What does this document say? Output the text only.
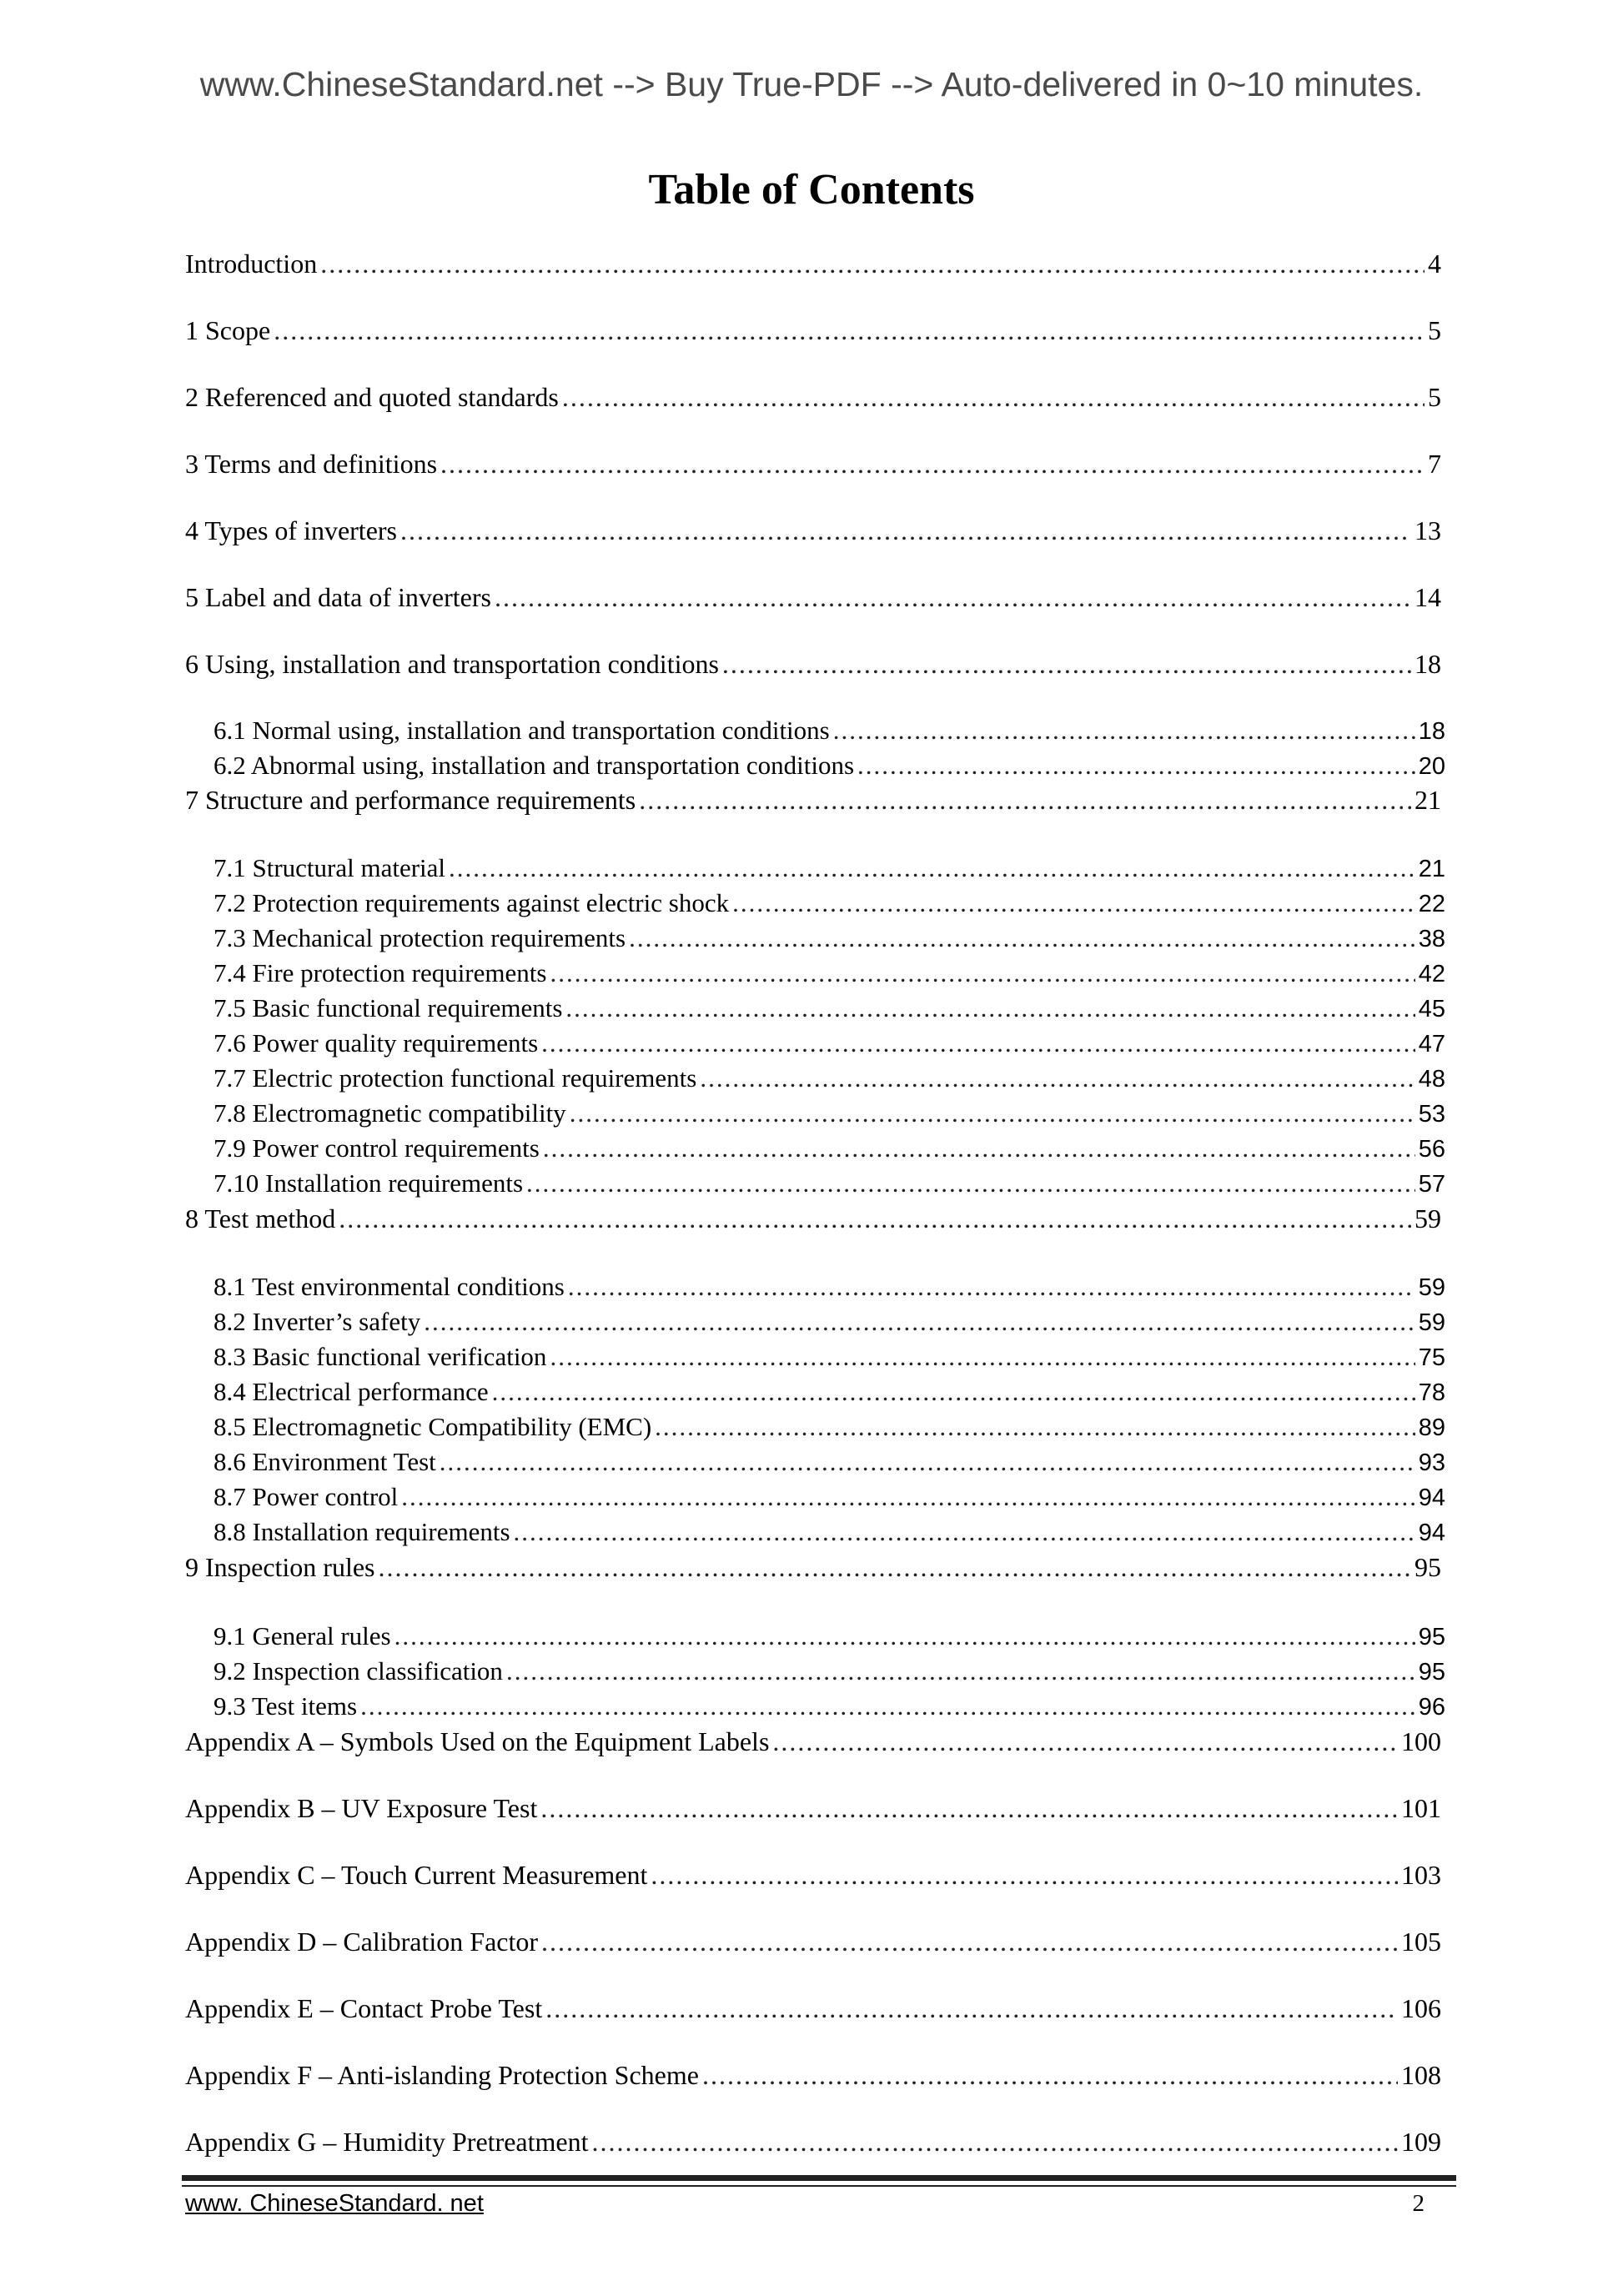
www.ChineseStandard.net --> Buy True-PDF --> Auto-delivered in 0~10 minutes.
Table of Contents
Introduction .....	4
1 Scope .....	5
2 Referenced and quoted standards .....	5
3 Terms and definitions .....	7
4 Types of inverters .....	13
5 Label and data of inverters .....	14
6 Using, installation and transportation conditions .....	18
6.1 Normal using, installation and transportation conditions .....	18
6.2 Abnormal using, installation and transportation conditions .....	20
7 Structure and performance requirements .....	21
7.1 Structural material .....	21
7.2 Protection requirements against electric shock .....	22
7.3 Mechanical protection requirements .....	38
7.4 Fire protection requirements .....	42
7.5 Basic functional requirements .....	45
7.6 Power quality requirements .....	47
7.7 Electric protection functional requirements .....	48
7.8 Electromagnetic compatibility .....	53
7.9 Power control requirements .....	56
7.10 Installation requirements .....	57
8 Test method .....	59
8.1 Test environmental conditions .....	59
8.2 Inverter’s safety .....	59
8.3 Basic functional verification .....	75
8.4 Electrical performance .....	78
8.5 Electromagnetic Compatibility (EMC) .....	89
8.6 Environment Test .....	93
8.7 Power control .....	94
8.8 Installation requirements .....	94
9 Inspection rules .....	95
9.1 General rules .....	95
9.2 Inspection classification .....	95
9.3 Test items .....	96
Appendix A – Symbols Used on the Equipment Labels .....	100
Appendix B – UV Exposure Test .....	101
Appendix C – Touch Current Measurement .....	103
Appendix D – Calibration Factor .....	105
Appendix E – Contact Probe Test .....	106
Appendix F – Anti-islanding Protection Scheme .....	108
Appendix G – Humidity Pretreatment .....	109
www. ChineseStandard. net	2
